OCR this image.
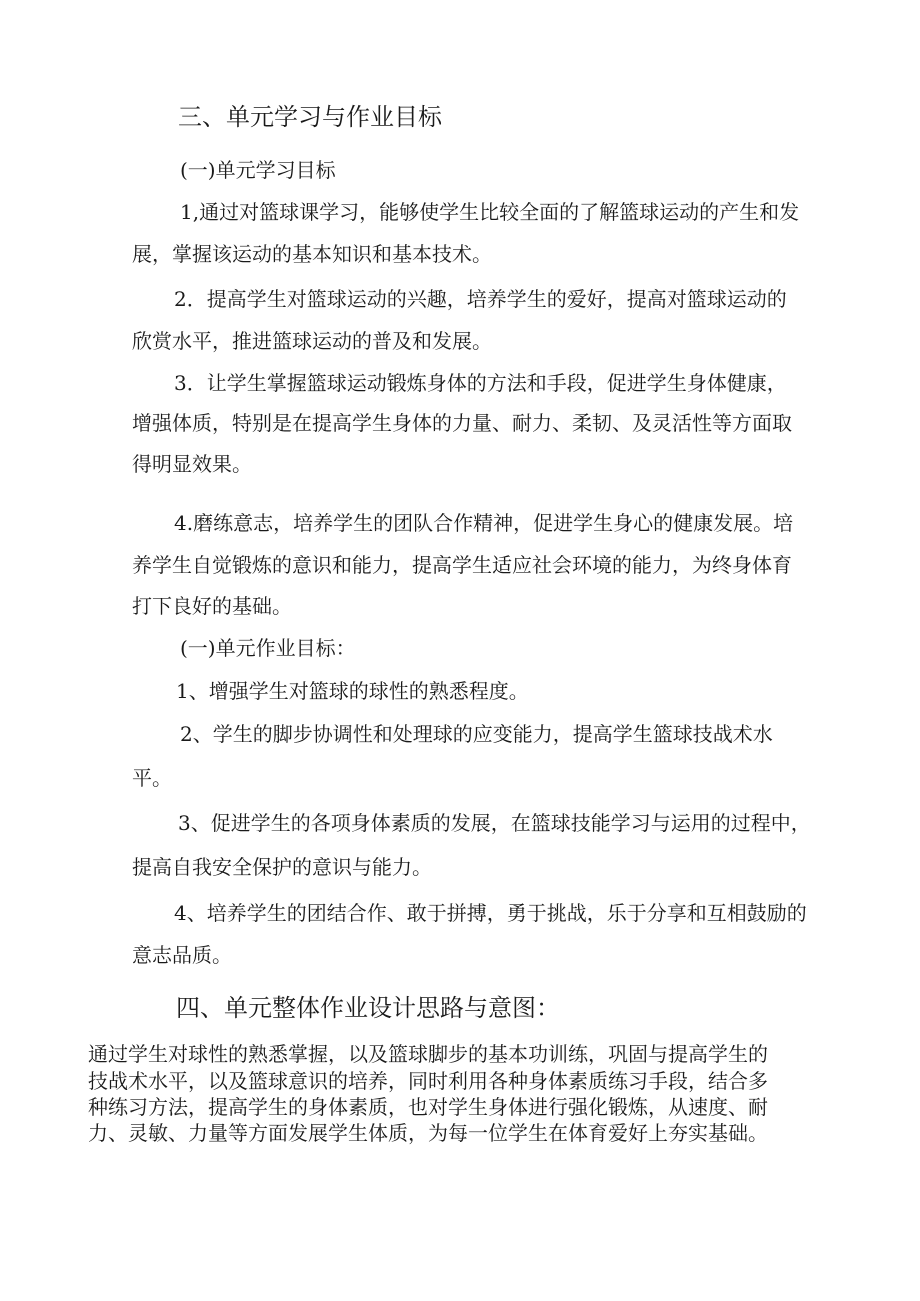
三、单元学习与作业目标
(一)单元学习目标
1,通过对篮球课学习，能够使学生比较全面的了解篮球运动的产生和发
展，掌握该运动的基本知识和基本技术。
2．提高学生对篮球运动的兴趣，培养学生的爱好，提高对篮球运动的
欣赏水平，推进篮球运动的普及和发展。
3．让学生掌握篮球运动锻炼身体的方法和手段，促进学生身体健康，
增强体质，特别是在提高学生身体的力量、耐力、柔韧、及灵活性等方面取
得明显效果。
4.磨练意志，培养学生的团队合作精神，促进学生身心的健康发展。培
养学生自觉锻炼的意识和能力，提高学生适应社会环境的能力，为终身体育
打下良好的基础。
(一)单元作业目标：
1、增强学生对篮球的球性的熟悉程度。
2、学生的脚步协调性和处理球的应变能力，提高学生篮球技战术水
平。
3、促进学生的各项身体素质的发展，在篮球技能学习与运用的过程中，
提高自我安全保护的意识与能力。
4、培养学生的团结合作、敢于拼搏，勇于挑战，乐于分享和互相鼓励的
意志品质。
四、单元整体作业设计思路与意图：
通过学生对球性的熟悉掌握，以及篮球脚步的基本功训练，巩固与提高学生的
技战术水平，以及篮球意识的培养，同时利用各种身体素质练习手段，结合多
种练习方法，提高学生的身体素质，也对学生身体进行强化锻炼，从速度、耐
力、灵敏、力量等方面发展学生体质，为每一位学生在体育爱好上夯实基础。
